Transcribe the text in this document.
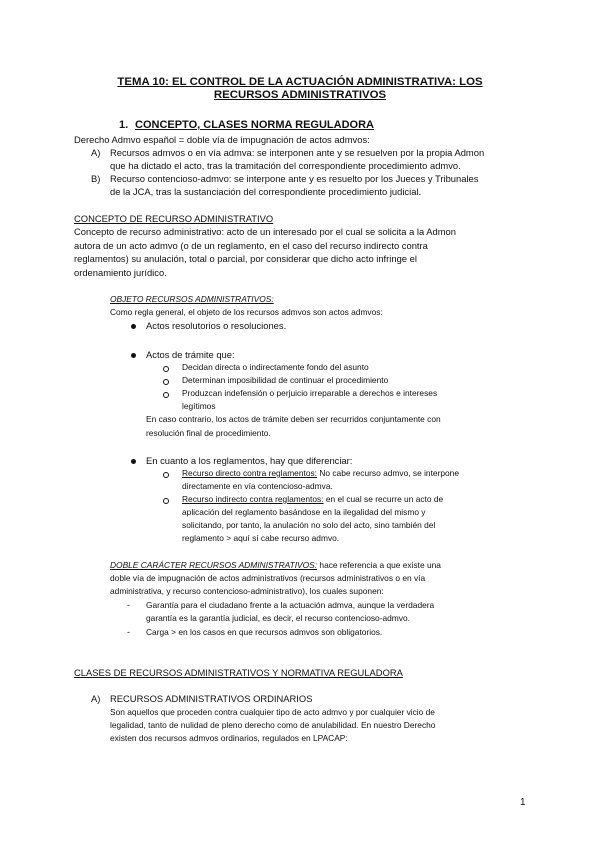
TEMA 10: EL CONTROL DE LA ACTUACIÓN ADMINISTRATIVA: LOS
RECURSOS ADMINISTRATIVOS
1. CONCEPTO, CLASES NORMA REGULADORA
Derecho Admvo español = doble vía de impugnación de actos admvos:
A) Recursos admvos o en vía admva: se interponen ante y se resuelven por la propia Admon
que ha dictado el acto, tras la tramitación del correspondiente procedimiento admvo.
B) Recurso contencioso-admvo: se interpone ante y es resuelto por los Jueces y Tribunales
de la JCA, tras la sustanciación del correspondiente procedimiento judicial.
CONCEPTO DE RECURSO ADMINISTRATIVO
Concepto de recurso administrativo: acto de un interesado por el cual se solicita a la Admon
autora de un acto admvo (o de un reglamento, en el caso del recurso indirecto contra
reglamentos) su anulación, total o parcial, por considerar que dicho acto infringe el
ordenamiento jurídico.
OBJETO RECURSOS ADMINISTRATIVOS:
Como regla general, el objeto de los recursos admvos son actos admvos:
Actos resolutorios o resoluciones.
Actos de trámite que:
Decidan directa o indirectamente fondo del asunto
Determinan imposibilidad de continuar el procedimiento
Produzcan indefensión o perjuicio irreparable a derechos e intereses
legítimos
En caso contrario, los actos de trámite deben ser recurridos conjuntamente con
resolución final de procedimiento.
En cuanto a los reglamentos, hay que diferenciar:
Recurso directo contra reglamentos: No cabe recurso admvo, se interpone
directamente en vía contencioso-admva.
Recurso indirecto contra reglamentos: en el cual se recurre un acto de
aplicación del reglamento basándose en la ilegalidad del mismo y
solicitando, por tanto, la anulación no solo del acto, sino también del
reglamento > aquí sí cabe recurso admvo.
DOBLE CARÁCTER RECURSOS ADMINISTRATIVOS: hace referencia a que existe una
doble vía de impugnación de actos administrativos (recursos administrativos o en vía
administrativa, y recurso contencioso-administrativo), los cuales suponen:
- Garantía para el ciudadano frente a la actuación admva, aunque la verdadera
garantía es la garantía judicial, es decir, el recurso contencioso-admvo.
- Carga > en los casos en que recursos admvos son obligatorios.
CLASES DE RECURSOS ADMINISTRATIVOS Y NORMATIVA REGULADORA
A) RECURSOS ADMINISTRATIVOS ORDINARIOS
Son aquellos que proceden contra cualquier tipo de acto admvo y por cualquier vicio de
legalidad, tanto de nulidad de pleno derecho como de anulabilidad. En nuestro Derecho
existen dos recursos admvos ordinarios, regulados en LPACAP:
1
